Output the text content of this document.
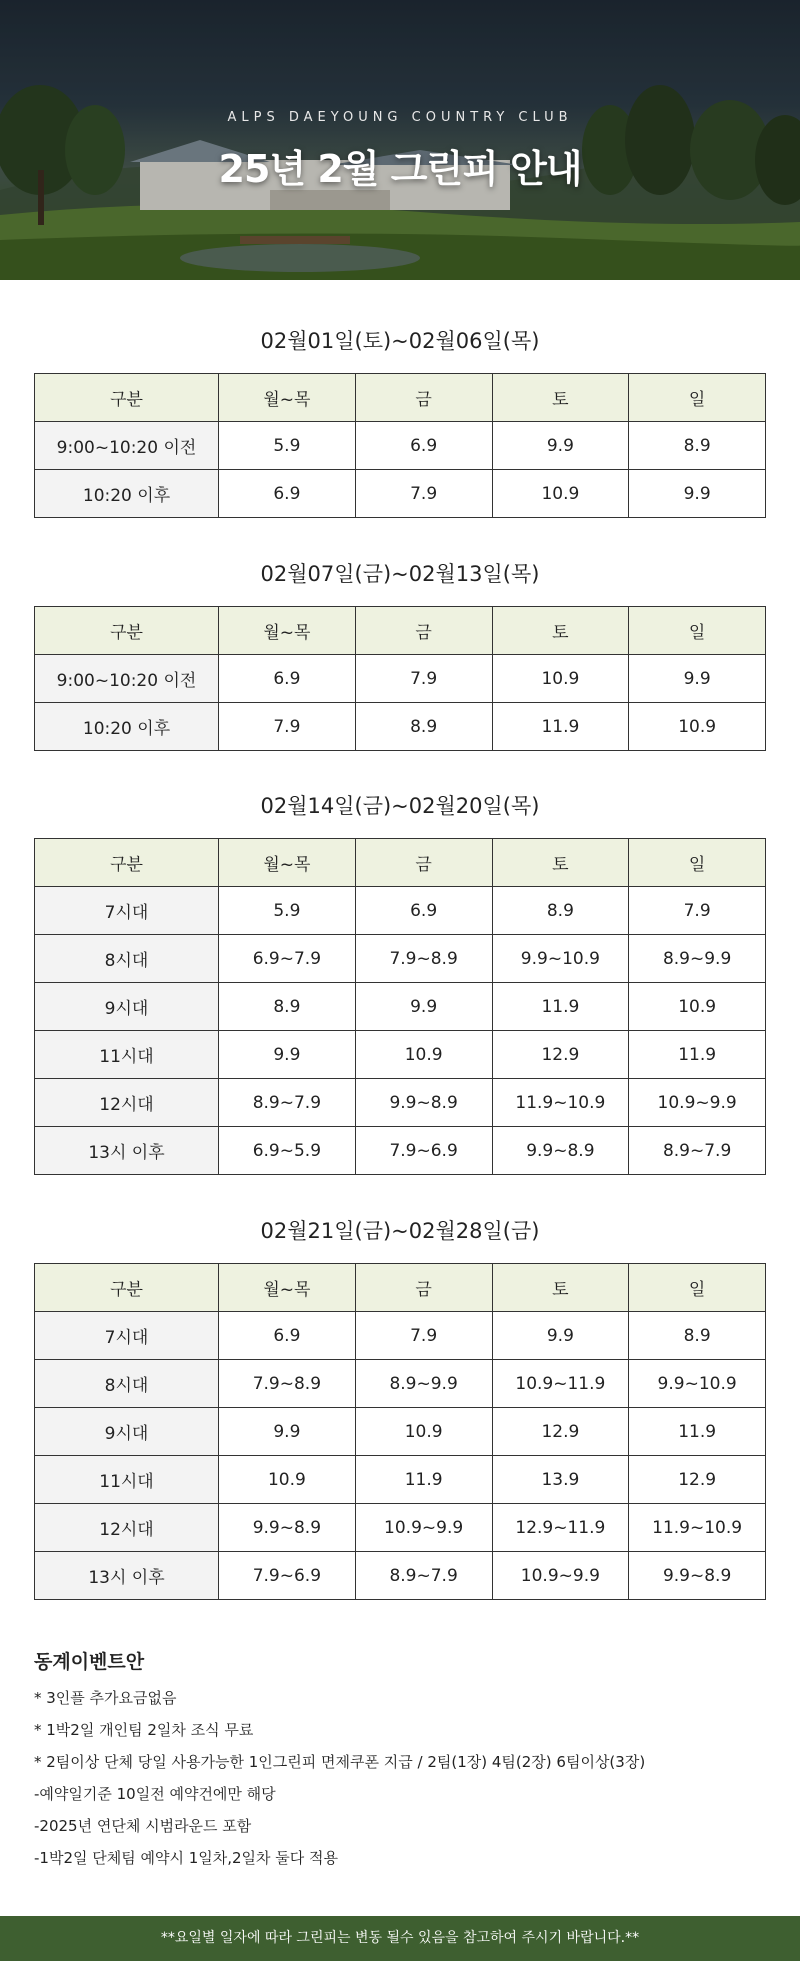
ALPS DAEYOUNG COUNTRY CLUB
25년 2월 그린피 안내
02월01일(토)~02월06일(목)
구분	월~목	금	토	일
9:00~10:20 이전	5.9	6.9	9.9	8.9
10:20 이후	6.9	7.9	10.9	9.9
02월07일(금)~02월13일(목)
구분	월~목	금	토	일
9:00~10:20 이전	6.9	7.9	10.9	9.9
10:20 이후	7.9	8.9	11.9	10.9
02월14일(금)~02월20일(목)
구분	월~목	금	토	일
7시대	5.9	6.9	8.9	7.9
8시대	6.9~7.9	7.9~8.9	9.9~10.9	8.9~9.9
9시대	8.9	9.9	11.9	10.9
11시대	9.9	10.9	12.9	11.9
12시대	8.9~7.9	9.9~8.9	11.9~10.9	10.9~9.9
13시 이후	6.9~5.9	7.9~6.9	9.9~8.9	8.9~7.9
02월21일(금)~02월28일(금)
구분	월~목	금	토	일
7시대	6.9	7.9	9.9	8.9
8시대	7.9~8.9	8.9~9.9	10.9~11.9	9.9~10.9
9시대	9.9	10.9	12.9	11.9
11시대	10.9	11.9	13.9	12.9
12시대	9.9~8.9	10.9~9.9	12.9~11.9	11.9~10.9
13시 이후	7.9~6.9	8.9~7.9	10.9~9.9	9.9~8.9
동계이벤트안

* 3인플 추가요금없음

* 1박2일 개인팀 2일차 조식 무료

* 2팀이상 단체 당일 사용가능한 1인그린피 면제쿠폰 지급 / 2팀(1장) 4팀(2장) 6팀이상(3장)

-예약일기준 10일전 예약건에만 해당

-2025년 연단체 시범라운드 포함

-1박2일 단체팀 예약시 1일차,2일차 둘다 적용

**요일별 일자에 따라 그린피는 변동 될수 있음을 참고하여 주시기 바랍니다.**
